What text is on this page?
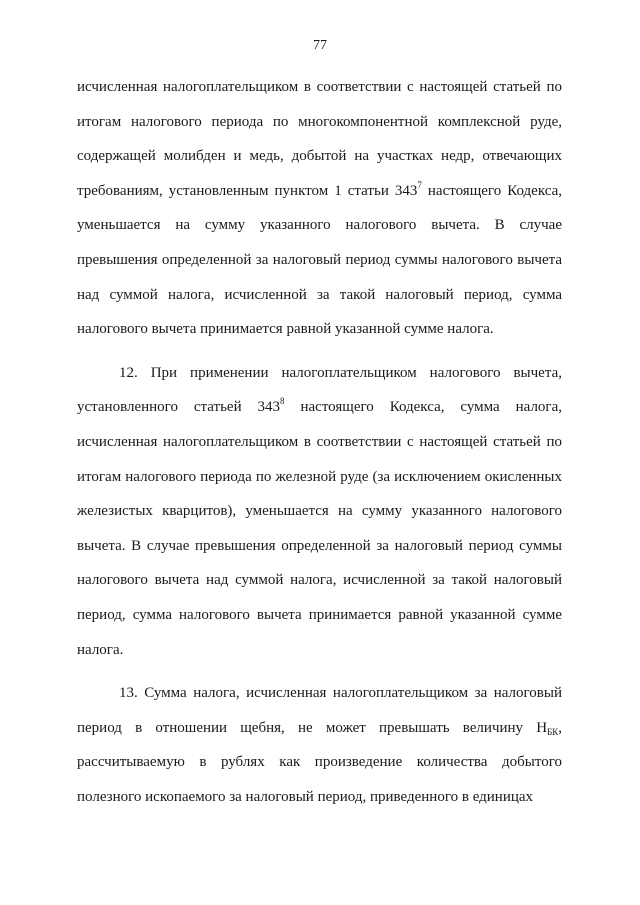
77

исчисленная налогоплательщиком в соответствии с настоящей статьей по итогам налогового периода по многокомпонентной комплексной руде, содержащей молибден и медь, добытой на участках недр, отвечающих требованиям, установленным пунктом 1 статьи $343^7$ настоящего Кодекса, уменьшается на сумму указанного налогового вычета. В случае превышения определенной за налоговый период суммы налогового вычета над суммой налога, исчисленной за такой налоговый период, сумма налогового вычета принимается равной указанной сумме налога.

12. При применении налогоплательщиком налогового вычета, установленного статьей $343^8$ настоящего Кодекса, сумма налога, исчисленная налогоплательщиком в соответствии с настоящей статьей по итогам налогового периода по железной руде (за исключением окисленных железистых кварцитов), уменьшается на сумму указанного налогового вычета. В случае превышения определенной за налоговый период суммы налогового вычета над суммой налога, исчисленной за такой налоговый период, сумма налогового вычета принимается равной указанной сумме налога.

13. Сумма налога, исчисленная налогоплательщиком за налоговый период в отношении щебня, не может превышать величину $Н_{БК}$, рассчитываемую в рублях как произведение количества добытого полезного ископаемого за налоговый период, приведенного в единицах
